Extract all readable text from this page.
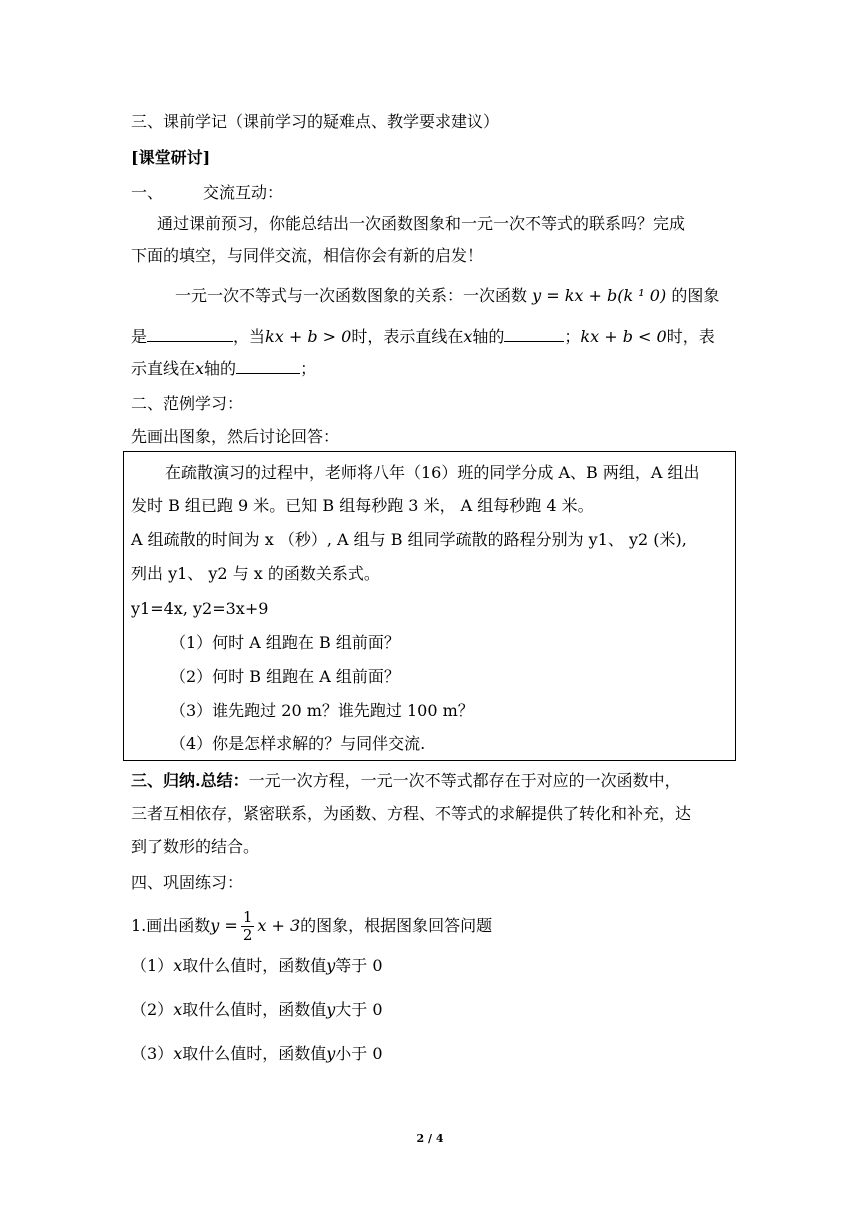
三、课前学记（课前学习的疑难点、教学要求建议）
[课堂研讨]
一、	交流互动：
通过课前预习，你能总结出一次函数图象和一元一次不等式的联系吗？完成
下面的填空，与同伴交流，相信你会有新的启发！
一元一次不等式与一次函数图象的关系：一次函数 y = kx + b(k ¹ 0) 的图象
是	，当kx + b > 0时，表示直线在x轴的	；kx + b < 0时，表
示直线在x轴的	；
二、范例学习：
先画出图象，然后讨论回答：
在疏散演习的过程中，老师将八年（16）班的同学分成 A、B 两组，A 组出
发时 B 组已跑 9 米。已知 B 组每秒跑 3 米， A 组每秒跑 4 米。
A 组疏散的时间为 x （秒）, A 组与 B 组同学疏散的路程分别为 y1、 y2 (米),
列出 y1、 y2 与 x 的函数关系式。
y1=4x, y2=3x+9
（1）何时 A 组跑在 B 组前面？
（2）何时 B 组跑在 A 组前面？
（3）谁先跑过 20 m？谁先跑过 100 m？
（4）你是怎样求解的？与同伴交流.
三、归纳.总结：一元一次方程，一元一次不等式都存在于对应的一次函数中，
三者互相依存，紧密联系，为函数、方程、不等式的求解提供了转化和补充，达
到了数形的结合。
四、巩固练习：
1.画出函数$y = \frac{1}{2}$ x + 3的图象，根据图象回答问题
（1）x取什么值时，函数值y等于 0
（2）x取什么值时，函数值y大于 0
（3）x取什么值时，函数值y小于 0
2 / 4
